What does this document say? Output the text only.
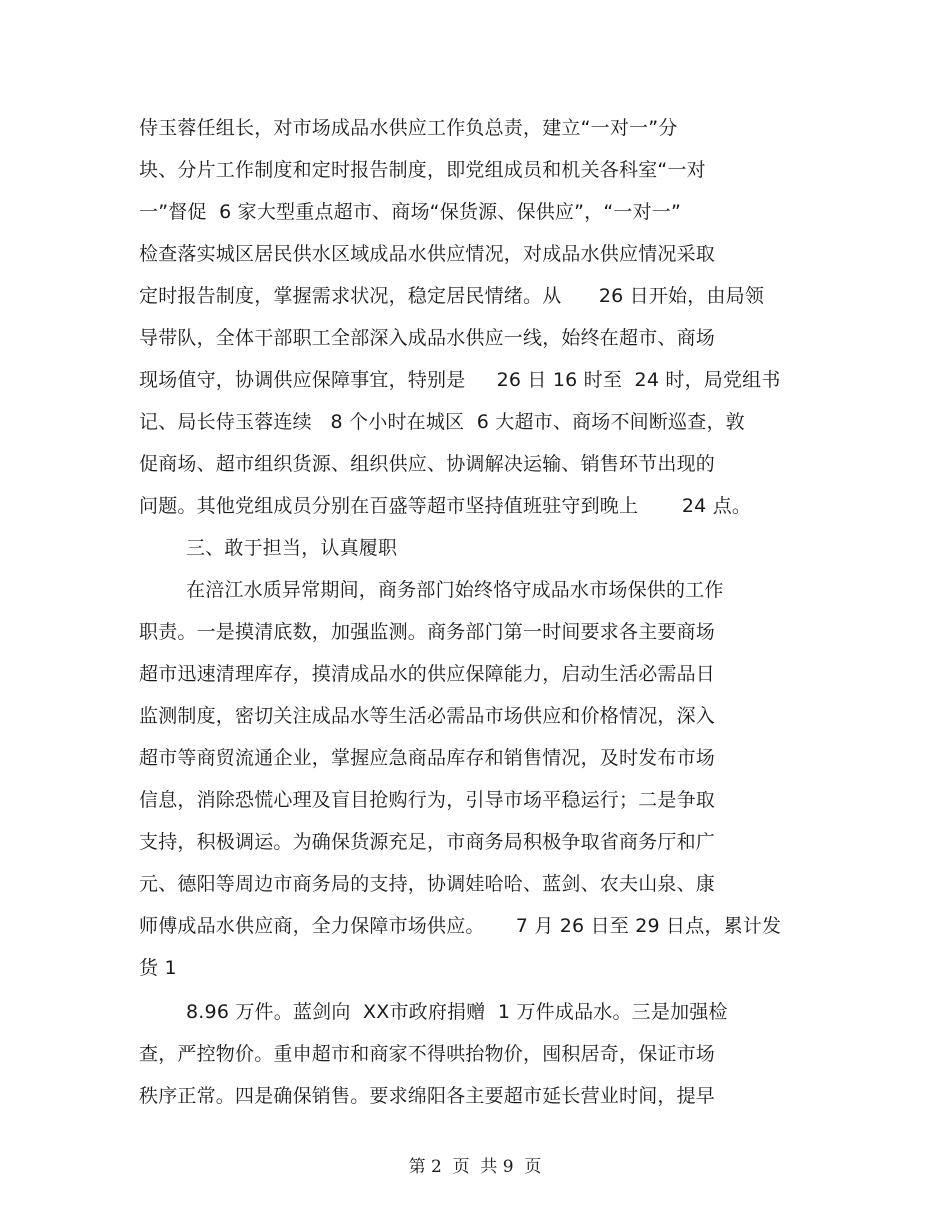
侍玉蓉任组长，对市场成品水供应工作负总责，建立“一对一”分
块、分片工作制度和定时报告制度，即党组成员和机关各科室“一对
一”督促  6 家大型重点超市、商场“保货源、保供应”，“一对一”
检查落实城区居民供水区域成品水供应情况，对成品水供应情况采取
定时报告制度，掌握需求状况，稳定居民情绪。从      26 日开始，由局领
导带队，全体干部职工全部深入成品水供应一线，始终在超市、商场
现场值守，协调供应保障事宜，特别是     26 日 16 时至  24 时，局党组书
记、局长侍玉蓉连续   8 个小时在城区  6 大超市、商场不间断巡查，敦
促商场、超市组织货源、组织供应、协调解决运输、销售环节出现的
问题。其他党组成员分别在百盛等超市坚持值班驻守到晚上       24 点。
三、敢于担当，认真履职
在涪江水质异常期间，商务部门始终恪守成品水市场保供的工作
职责。一是摸清底数，加强监测。商务部门第一时间要求各主要商场
超市迅速清理库存，摸清成品水的供应保障能力，启动生活必需品日
监测制度，密切关注成品水等生活必需品市场供应和价格情况，深入
超市等商贸流通企业，掌握应急商品库存和销售情况，及时发布市场
信息，消除恐慌心理及盲目抢购行为，引导市场平稳运行；二是争取
支持，积极调运。为确保货源充足，市商务局积极争取省商务厅和广
元、德阳等周边市商务局的支持，协调娃哈哈、蓝剑、农夫山泉、康
师傅成品水供应商，全力保障市场供应。     7 月 26 日至 29 日点，累计发
货 1
8.96 万件。蓝剑向  XX市政府捐赠  1 万件成品水。三是加强检
查，严控物价。重申超市和商家不得哄抬物价，囤积居奇，保证市场
秩序正常。四是确保销售。要求绵阳各主要超市延长营业时间，提早
第 2  页  共 9  页
